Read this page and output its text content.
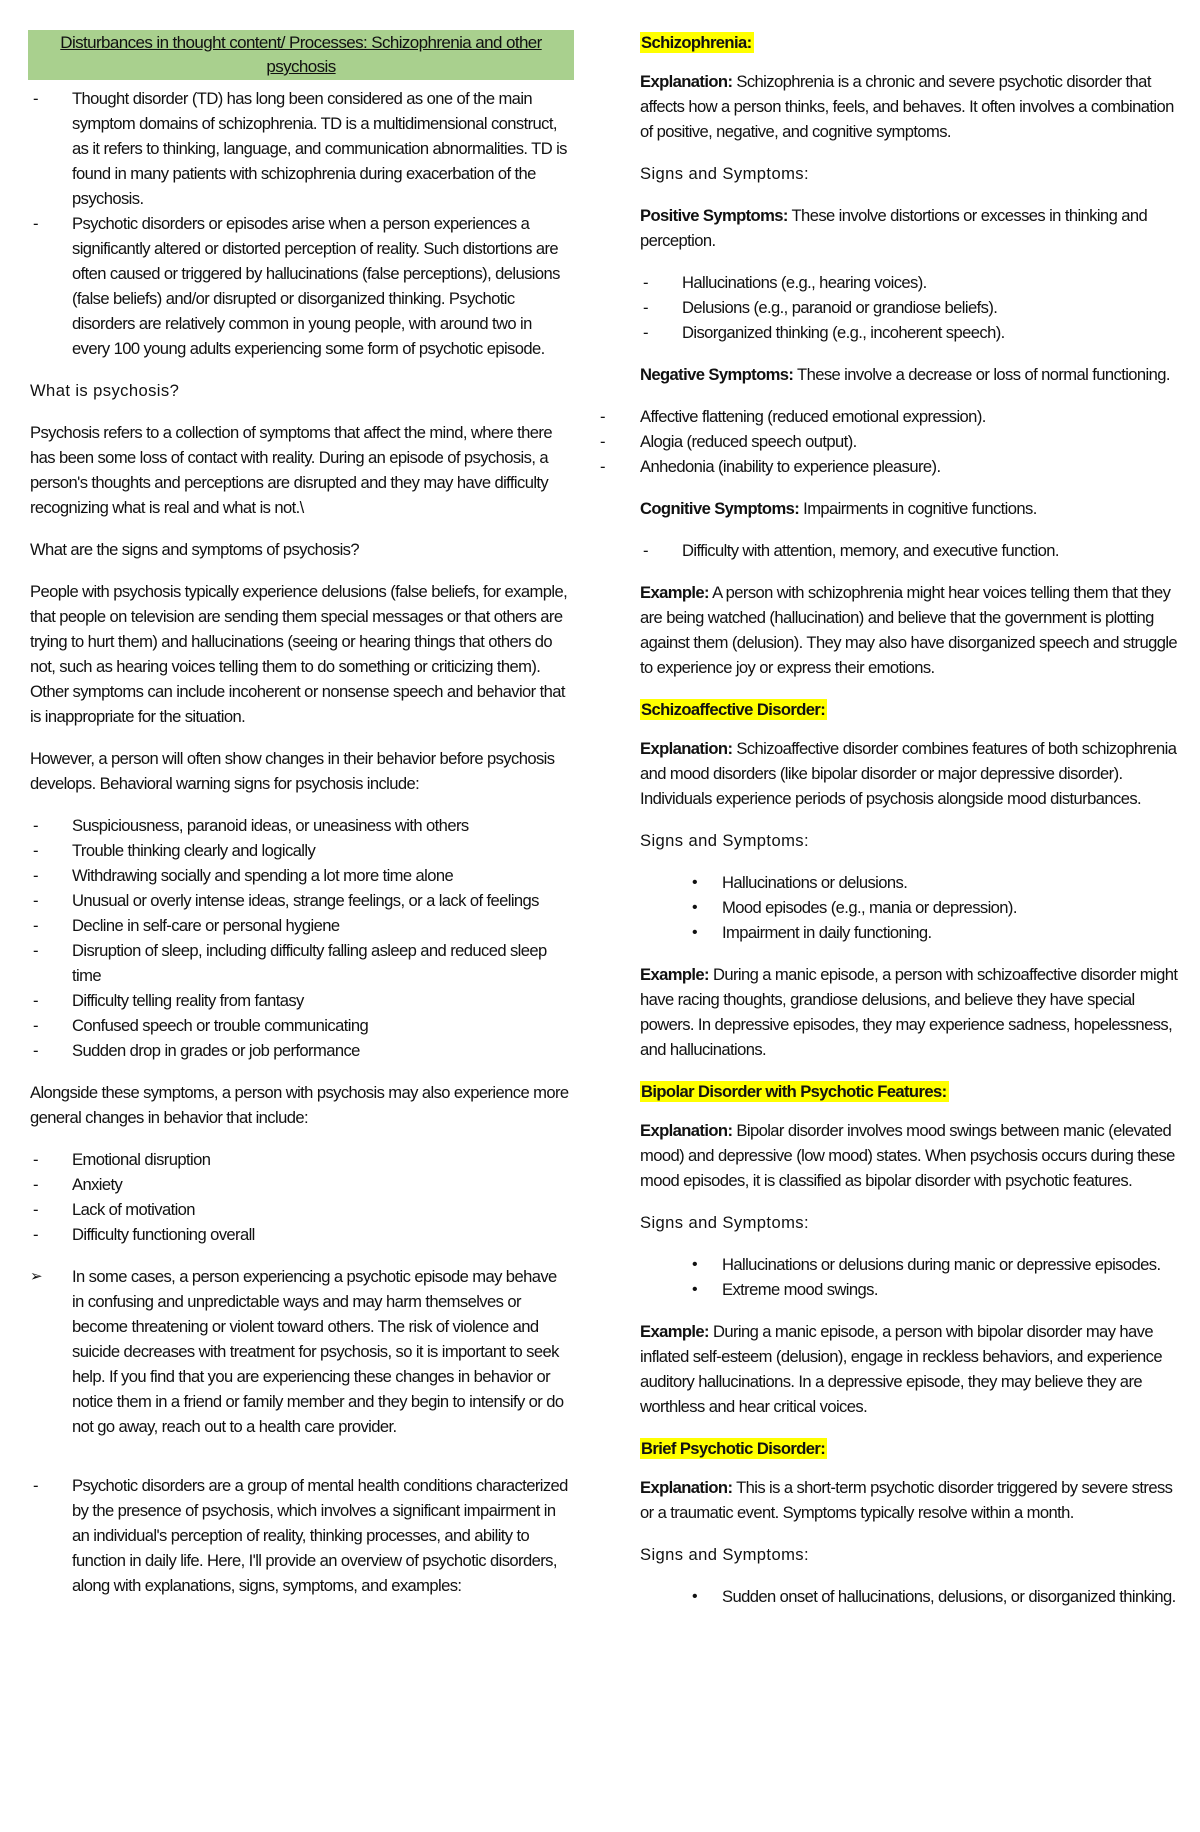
Disturbances in thought content/ Processes: Schizophrenia and other psychosis
- Thought disorder (TD) has long been considered as one of the main symptom domains of schizophrenia. TD is a multidimensional construct, as it refers to thinking, language, and communication abnormalities. TD is found in many patients with schizophrenia during exacerbation of the psychosis.
- Psychotic disorders or episodes arise when a person experiences a significantly altered or distorted perception of reality. Such distortions are often caused or triggered by hallucinations (false perceptions), delusions (false beliefs) and/or disrupted or disorganized thinking. Psychotic disorders are relatively common in young people, with around two in every 100 young adults experiencing some form of psychotic episode.

What is psychosis?

Psychosis refers to a collection of symptoms that affect the mind, where there has been some loss of contact with reality. During an episode of psychosis, a person's thoughts and perceptions are disrupted and they may have difficulty recognizing what is real and what is not.\

What are the signs and symptoms of psychosis?

People with psychosis typically experience delusions (false beliefs, for example, that people on television are sending them special messages or that others are trying to hurt them) and hallucinations (seeing or hearing things that others do not, such as hearing voices telling them to do something or criticizing them). Other symptoms can include incoherent or nonsense speech and behavior that is inappropriate for the situation.

However, a person will often show changes in their behavior before psychosis develops. Behavioral warning signs for psychosis include:

- Suspiciousness, paranoid ideas, or uneasiness with others
- Trouble thinking clearly and logically
- Withdrawing socially and spending a lot more time alone
- Unusual or overly intense ideas, strange feelings, or a lack of feelings
- Decline in self-care or personal hygiene
- Disruption of sleep, including difficulty falling asleep and reduced sleep time
- Difficulty telling reality from fantasy
- Confused speech or trouble communicating
- Sudden drop in grades or job performance

Alongside these symptoms, a person with psychosis may also experience more general changes in behavior that include:

- Emotional disruption
- Anxiety
- Lack of motivation
- Difficulty functioning overall
➢ In some cases, a person experiencing a psychotic episode may behave in confusing and unpredictable ways and may harm themselves or become threatening or violent toward others. The risk of violence and suicide decreases with treatment for psychosis, so it is important to seek help. If you find that you are experiencing these changes in behavior or notice them in a friend or family member and they begin to intensify or do not go away, reach out to a health care provider.
- Psychotic disorders are a group of mental health conditions characterized by the presence of psychosis, which involves a significant impairment in an individual's perception of reality, thinking processes, and ability to function in daily life. Here, I'll provide an overview of psychotic disorders, along with explanations, signs, symptoms, and examples:

Schizophrenia:

Explanation: Schizophrenia is a chronic and severe psychotic disorder that affects how a person thinks, feels, and behaves. It often involves a combination of positive, negative, and cognitive symptoms.

Signs and Symptoms:

Positive Symptoms: These involve distortions or excesses in thinking and perception.

- Hallucinations (e.g., hearing voices).
- Delusions (e.g., paranoid or grandiose beliefs).
- Disorganized thinking (e.g., incoherent speech).

Negative Symptoms: These involve a decrease or loss of normal functioning.

- Affective flattening (reduced emotional expression).
- Alogia (reduced speech output).
- Anhedonia (inability to experience pleasure).

Cognitive Symptoms: Impairments in cognitive functions.

- Difficulty with attention, memory, and executive function.

Example: A person with schizophrenia might hear voices telling them that they are being watched (hallucination) and believe that the government is plotting against them (delusion). They may also have disorganized speech and struggle to experience joy or express their emotions.

Schizoaffective Disorder:

Explanation: Schizoaffective disorder combines features of both schizophrenia and mood disorders (like bipolar disorder or major depressive disorder). Individuals experience periods of psychosis alongside mood disturbances.

Signs and Symptoms:

• Hallucinations or delusions.
• Mood episodes (e.g., mania or depression).
• Impairment in daily functioning.

Example: During a manic episode, a person with schizoaffective disorder might have racing thoughts, grandiose delusions, and believe they have special powers. In depressive episodes, they may experience sadness, hopelessness, and hallucinations.

Bipolar Disorder with Psychotic Features:

Explanation: Bipolar disorder involves mood swings between manic (elevated mood) and depressive (low mood) states. When psychosis occurs during these mood episodes, it is classified as bipolar disorder with psychotic features.

Signs and Symptoms:

• Hallucinations or delusions during manic or depressive episodes.
• Extreme mood swings.

Example: During a manic episode, a person with bipolar disorder may have inflated self-esteem (delusion), engage in reckless behaviors, and experience auditory hallucinations. In a depressive episode, they may believe they are worthless and hear critical voices.

Brief Psychotic Disorder:

Explanation: This is a short-term psychotic disorder triggered by severe stress or a traumatic event. Symptoms typically resolve within a month.

Signs and Symptoms:

• Sudden onset of hallucinations, delusions, or disorganized thinking.
